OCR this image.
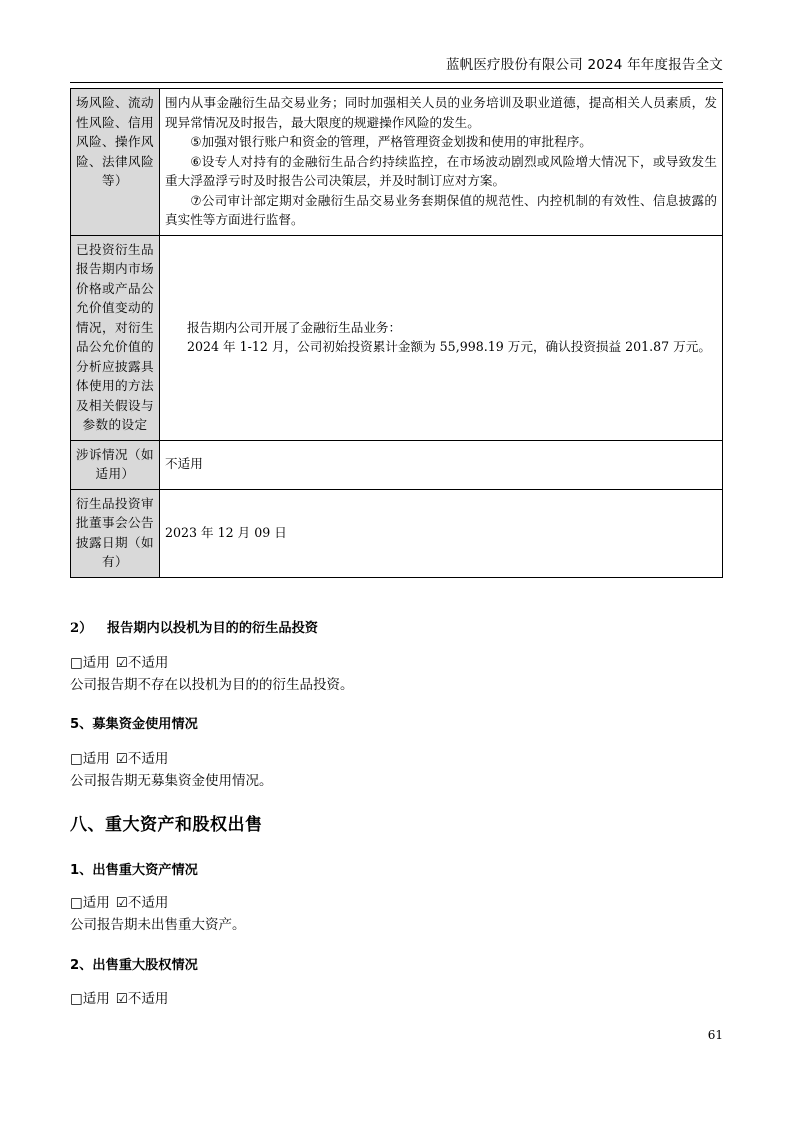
蓝帆医疗股份有限公司 2024 年年度报告全文
场风险、流动性风险、信用风险、操作风险、法律风险等）	围内从事金融衍生品交易业务；同时加强相关人员的业务培训及职业道德，提高相关人员素质，发现异常情况及时报告，最大限度的规避操作风险的发生。

⑤加强对银行账户和资金的管理，严格管理资金划拨和使用的审批程序。

⑥设专人对持有的金融衍生品合约持续监控，在市场波动剧烈或风险增大情况下，或导致发生重大浮盈浮亏时及时报告公司决策层，并及时制订应对方案。

⑦公司审计部定期对金融衍生品交易业务套期保值的规范性、内控机制的有效性、信息披露的真实性等方面进行监督。

已投资衍生品报告期内市场价格或产品公允价值变动的情况，对衍生品公允价值的分析应披露具体使用的方法及相关假设与参数的设定	报告期内公司开展了金融衍生品业务：

2024 年 1-12 月，公司初始投资累计金额为 55,998.19 万元，确认投资损益 201.87 万元。

涉诉情况（如适用）	不适用

衍生品投资审批董事会公告披露日期（如有）	2023 年 12 月 09 日

2） 报告期内以投机为目的的衍生品投资

□适用 ☑不适用

公司报告期不存在以投机为目的的衍生品投资。

5、募集资金使用情况

□适用 ☑不适用

公司报告期无募集资金使用情况。

八、重大资产和股权出售

1、出售重大资产情况

□适用 ☑不适用

公司报告期未出售重大资产。

2、出售重大股权情况

□适用 ☑不适用

61
